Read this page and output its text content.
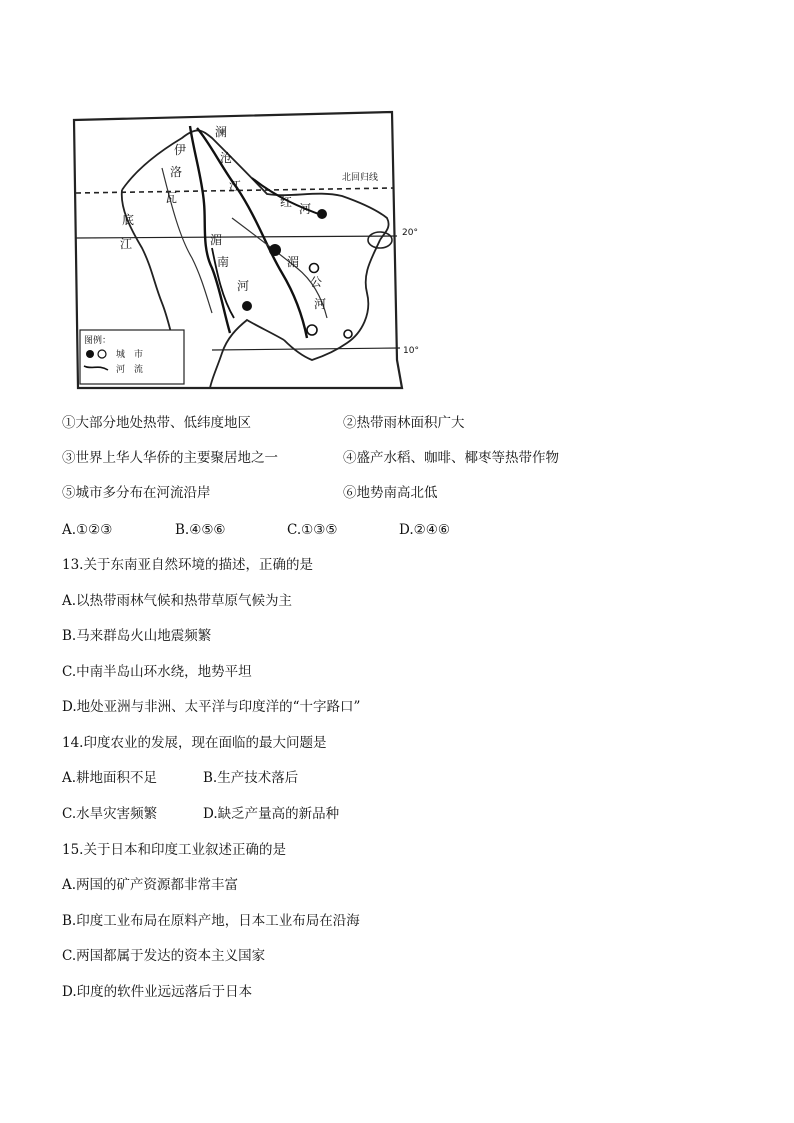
澜
沧
江
伊
洛
瓦
底
江
红 河
湄
南
河
湄
公
河
北回归线
20°
10°
图例：
城　市
河　流
①大部分地处热带、低纬度地区	②热带雨林面积广大
③世界上华人华侨的主要聚居地之一	④盛产水稻、咖啡、椰枣等热带作物
⑤城市多分布在河流沿岸	⑥地势南高北低
A.①②③	B.④⑤⑥	C.①③⑤	D.②④⑥
13.关于东南亚自然环境的描述，正确的是
A.以热带雨林气候和热带草原气候为主
B.马来群岛火山地震频繁
C.中南半岛山环水绕，地势平坦
D.地处亚洲与非洲、太平洋与印度洋的“十字路口”
14.印度农业的发展，现在面临的最大问题是
A.耕地面积不足	B.生产技术落后
C.水旱灾害频繁	D.缺乏产量高的新品种
15.关于日本和印度工业叙述正确的是
A.两国的矿产资源都非常丰富
B.印度工业布局在原料产地，日本工业布局在沿海
C.两国都属于发达的资本主义国家
D.印度的软件业远远落后于日本
